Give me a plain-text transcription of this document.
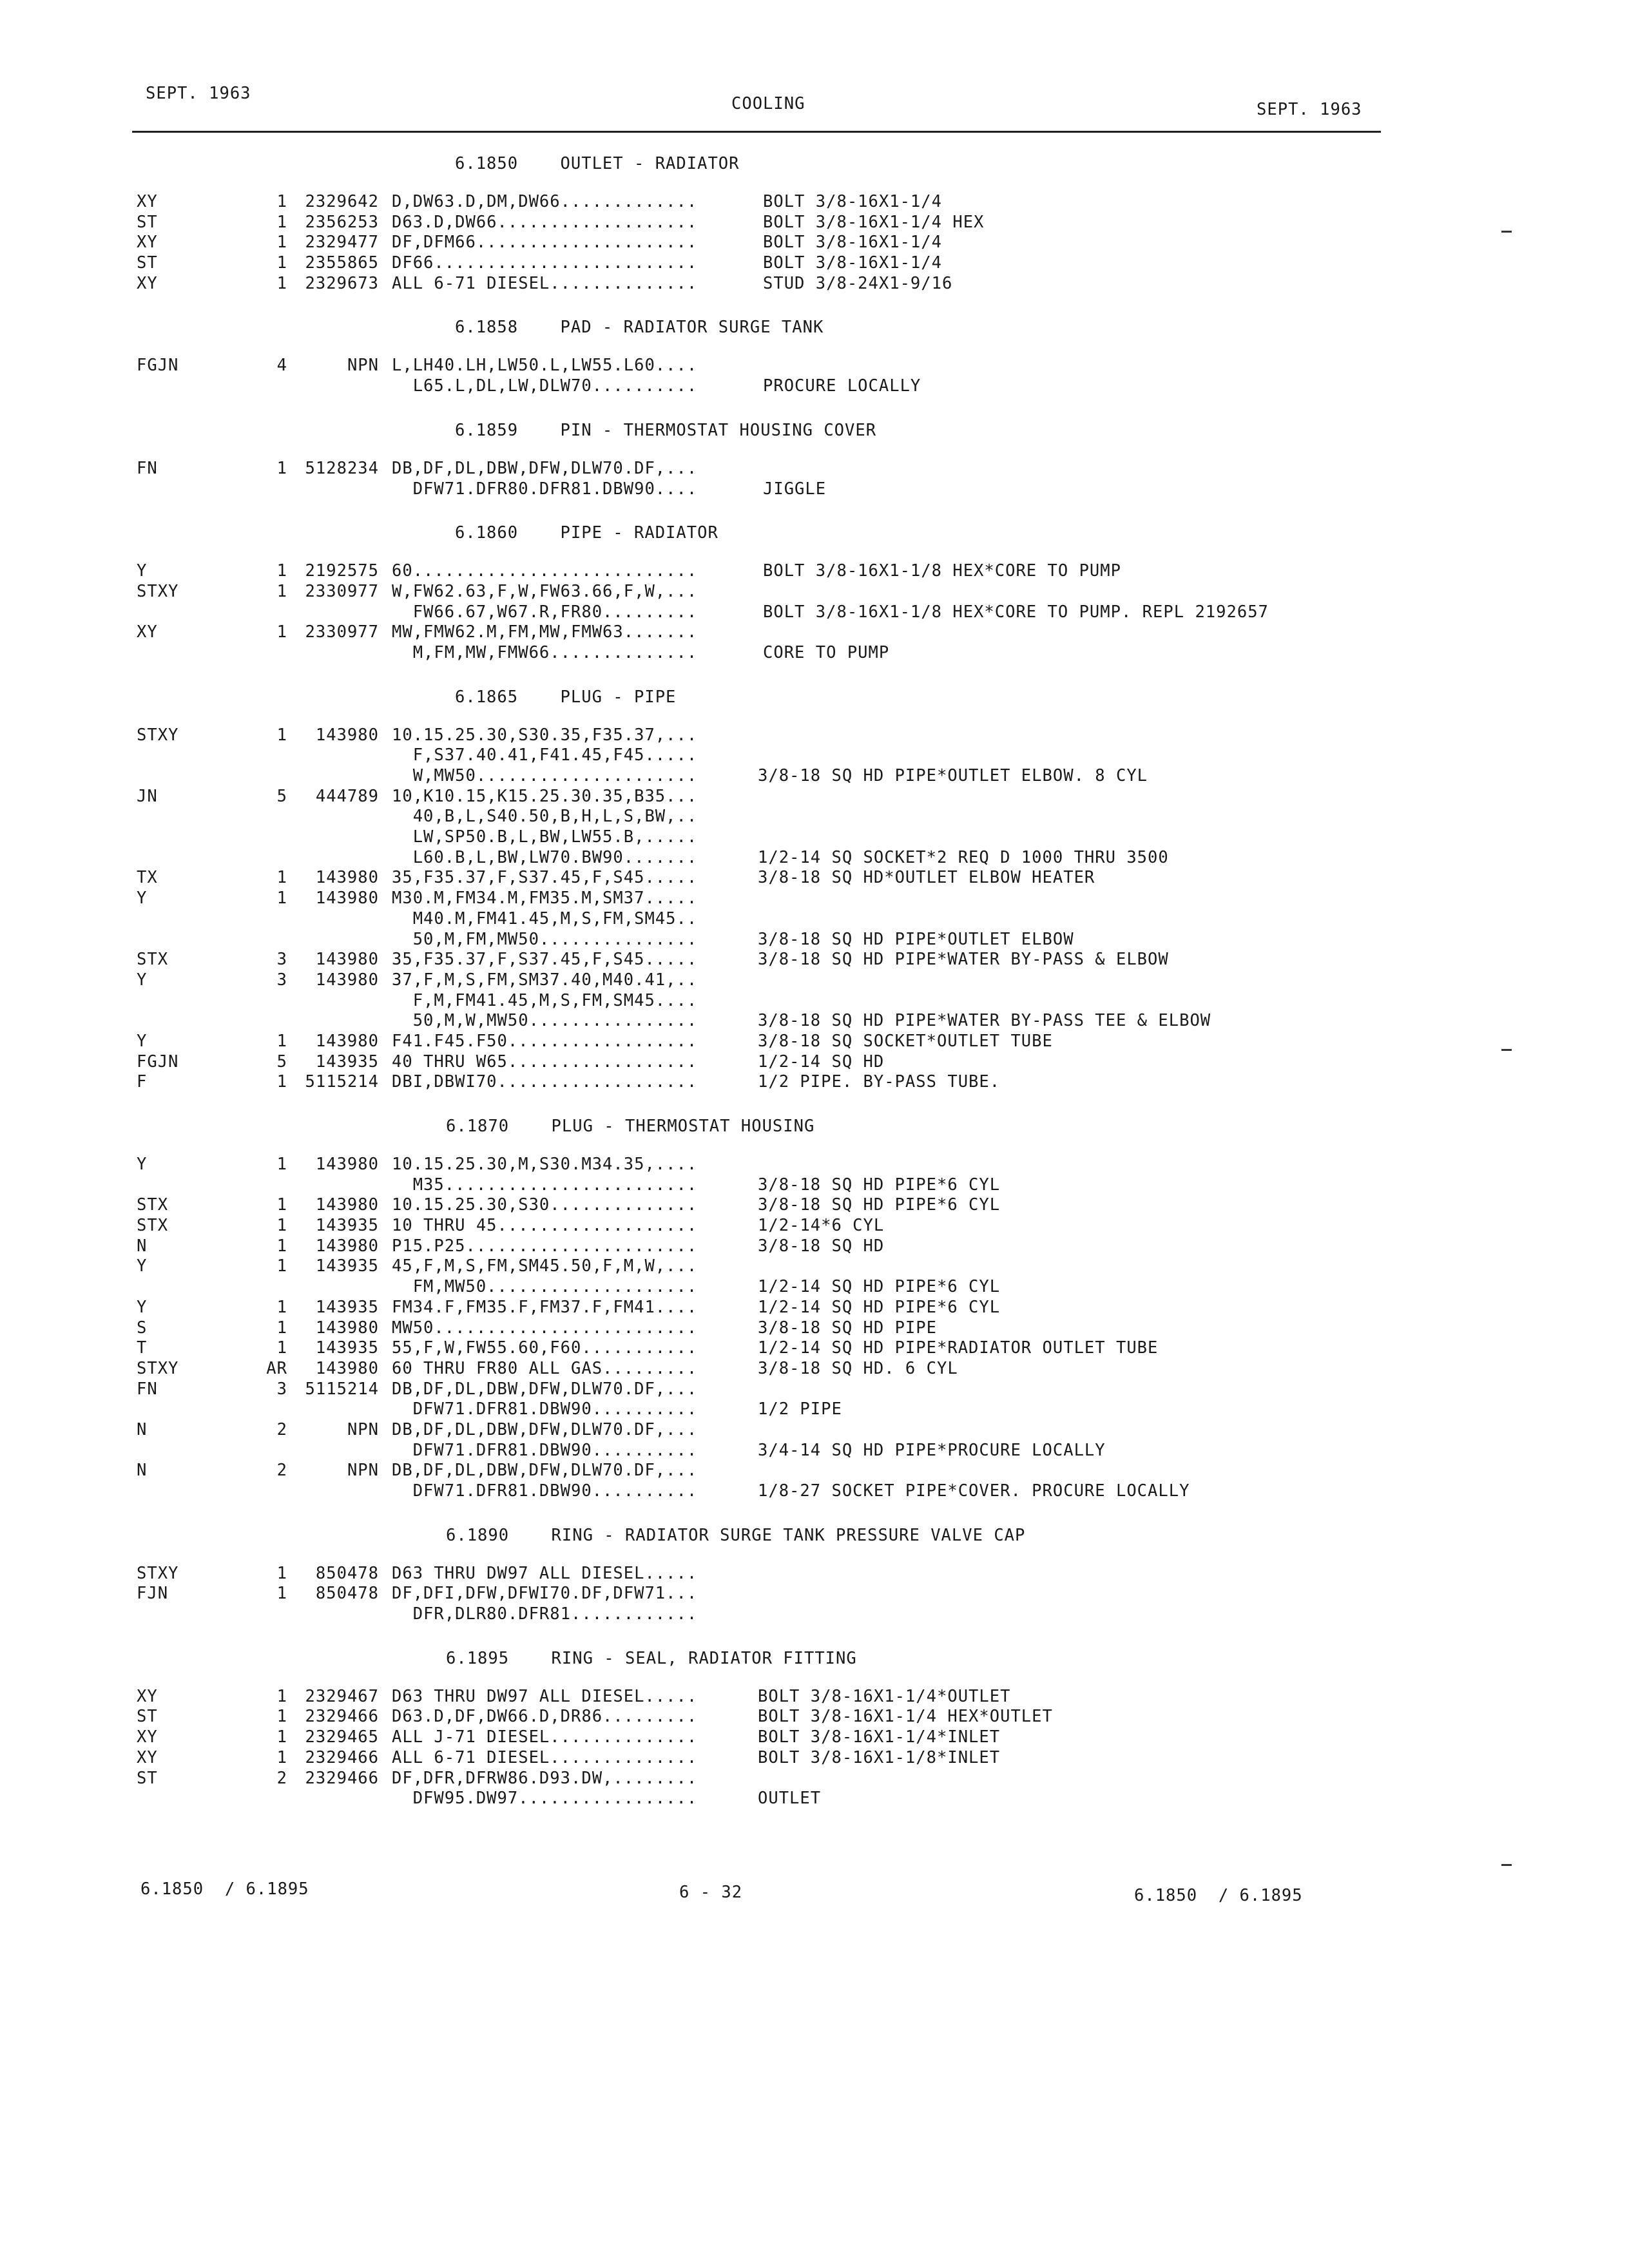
SEPT. 1963
COOLING	SEPT. 1963
6.1850    OUTLET - RADIATOR
XY	1	2329642 D,DW63.D,DM,DW66.............	BOLT 3/8-16X1-1/4
ST	1	2356253 D63.D,DW66...................	BOLT 3/8-16X1-1/4 HEX
XY	1	2329477 DF,DFM66.....................	BOLT 3/8-16X1-1/4
ST	1	2355865 DF66.........................	BOLT 3/8-16X1-1/4
XY	1	2329673 ALL 6-71 DIESEL..............	STUD 3/8-24X1-9/16
6.1858    PAD - RADIATOR SURGE TANK
FGJN	4	NPN L,LH40.LH,LW50.L,LW55.L60....
L65.L,DL,LW,DLW70..........	PROCURE LOCALLY
6.1859    PIN - THERMOSTAT HOUSING COVER
FN	1	5128234 DB,DF,DL,DBW,DFW,DLW70.DF,...
DFW71.DFR80.DFR81.DBW90....	JIGGLE
6.1860    PIPE - RADIATOR
Y	1	2192575 60...........................	BOLT 3/8-16X1-1/8 HEX*CORE TO PUMP
STXY	1	2330977 W,FW62.63,F,W,FW63.66,F,W,...
FW66.67,W67.R,FR80.........	BOLT 3/8-16X1-1/8 HEX*CORE TO PUMP. REPL 2192657
XY	1	2330977 MW,FMW62.M,FM,MW,FMW63.......
M,FM,MW,FMW66..............	CORE TO PUMP
6.1865    PLUG - PIPE
STXY	1	143980 10.15.25.30,S30.35,F35.37,...
F,S37.40.41,F41.45,F45.....
W,MW50.....................	3/8-18 SQ HD PIPE*OUTLET ELBOW. 8 CYL
JN	5	444789 10,K10.15,K15.25.30.35,B35...
40,B,L,S40.50,B,H,L,S,BW,..
LW,SP50.B,L,BW,LW55.B,.....
L60.B,L,BW,LW70.BW90.......	1/2-14 SQ SOCKET*2 REQ D 1000 THRU 3500
TX	1	143980 35,F35.37,F,S37.45,F,S45.....	3/8-18 SQ HD*OUTLET ELBOW HEATER
Y	1	143980 M30.M,FM34.M,FM35.M,SM37.....
M40.M,FM41.45,M,S,FM,SM45..
50,M,FM,MW50...............	3/8-18 SQ HD PIPE*OUTLET ELBOW
STX	3	143980 35,F35.37,F,S37.45,F,S45.....	3/8-18 SQ HD PIPE*WATER BY-PASS & ELBOW
Y	3	143980 37,F,M,S,FM,SM37.40,M40.41,..
F,M,FM41.45,M,S,FM,SM45....
50,M,W,MW50................	3/8-18 SQ HD PIPE*WATER BY-PASS TEE & ELBOW
Y	1	143980 F41.F45.F50..................	3/8-18 SQ SOCKET*OUTLET TUBE
FGJN	5	143935 40 THRU W65..................	1/2-14 SQ HD
F	1	5115214 DBI,DBWI70...................	1/2 PIPE. BY-PASS TUBE.
6.1870    PLUG - THERMOSTAT HOUSING
Y	1	143980 10.15.25.30,M,S30.M34.35,....
M35........................	3/8-18 SQ HD PIPE*6 CYL
STX	1	143980 10.15.25.30,S30..............	3/8-18 SQ HD PIPE*6 CYL
STX	1	143935 10 THRU 45...................	1/2-14*6 CYL
N	1	143980 P15.P25......................	3/8-18 SQ HD
Y	1	143935 45,F,M,S,FM,SM45.50,F,M,W,...
FM,MW50....................	1/2-14 SQ HD PIPE*6 CYL
Y	1	143935 FM34.F,FM35.F,FM37.F,FM41....	1/2-14 SQ HD PIPE*6 CYL
S	1	143980 MW50.........................	3/8-18 SQ HD PIPE
T	1	143935 55,F,W,FW55.60,F60...........	1/2-14 SQ HD PIPE*RADIATOR OUTLET TUBE
STXY	AR	143980 60 THRU FR80 ALL GAS.........	3/8-18 SQ HD. 6 CYL
FN	3	5115214 DB,DF,DL,DBW,DFW,DLW70.DF,...
DFW71.DFR81.DBW90..........	1/2 PIPE
N	2	NPN DB,DF,DL,DBW,DFW,DLW70.DF,...
DFW71.DFR81.DBW90..........	3/4-14 SQ HD PIPE*PROCURE LOCALLY
N	2	NPN DB,DF,DL,DBW,DFW,DLW70.DF,...
DFW71.DFR81.DBW90..........	1/8-27 SOCKET PIPE*COVER. PROCURE LOCALLY
6.1890    RING - RADIATOR SURGE TANK PRESSURE VALVE CAP
STXY	1	850478 D63 THRU DW97 ALL DIESEL.....
FJN	1	850478 DF,DFI,DFW,DFWI70.DF,DFW71...
DFR,DLR80.DFR81............
6.1895    RING - SEAL, RADIATOR FITTING
XY	1	2329467 D63 THRU DW97 ALL DIESEL.....	BOLT 3/8-16X1-1/4*OUTLET
ST	1	2329466 D63.D,DF,DW66.D,DR86.........	BOLT 3/8-16X1-1/4 HEX*OUTLET
XY	1	2329465 ALL J-71 DIESEL..............	BOLT 3/8-16X1-1/4*INLET
XY	1	2329466 ALL 6-71 DIESEL..............	BOLT 3/8-16X1-1/8*INLET
ST	2	2329466 DF,DFR,DFRW86.D93.DW,........
DFW95.DW97.................	OUTLET
6.1850  / 6.1895	6 - 32	6.1850  / 6.1895
